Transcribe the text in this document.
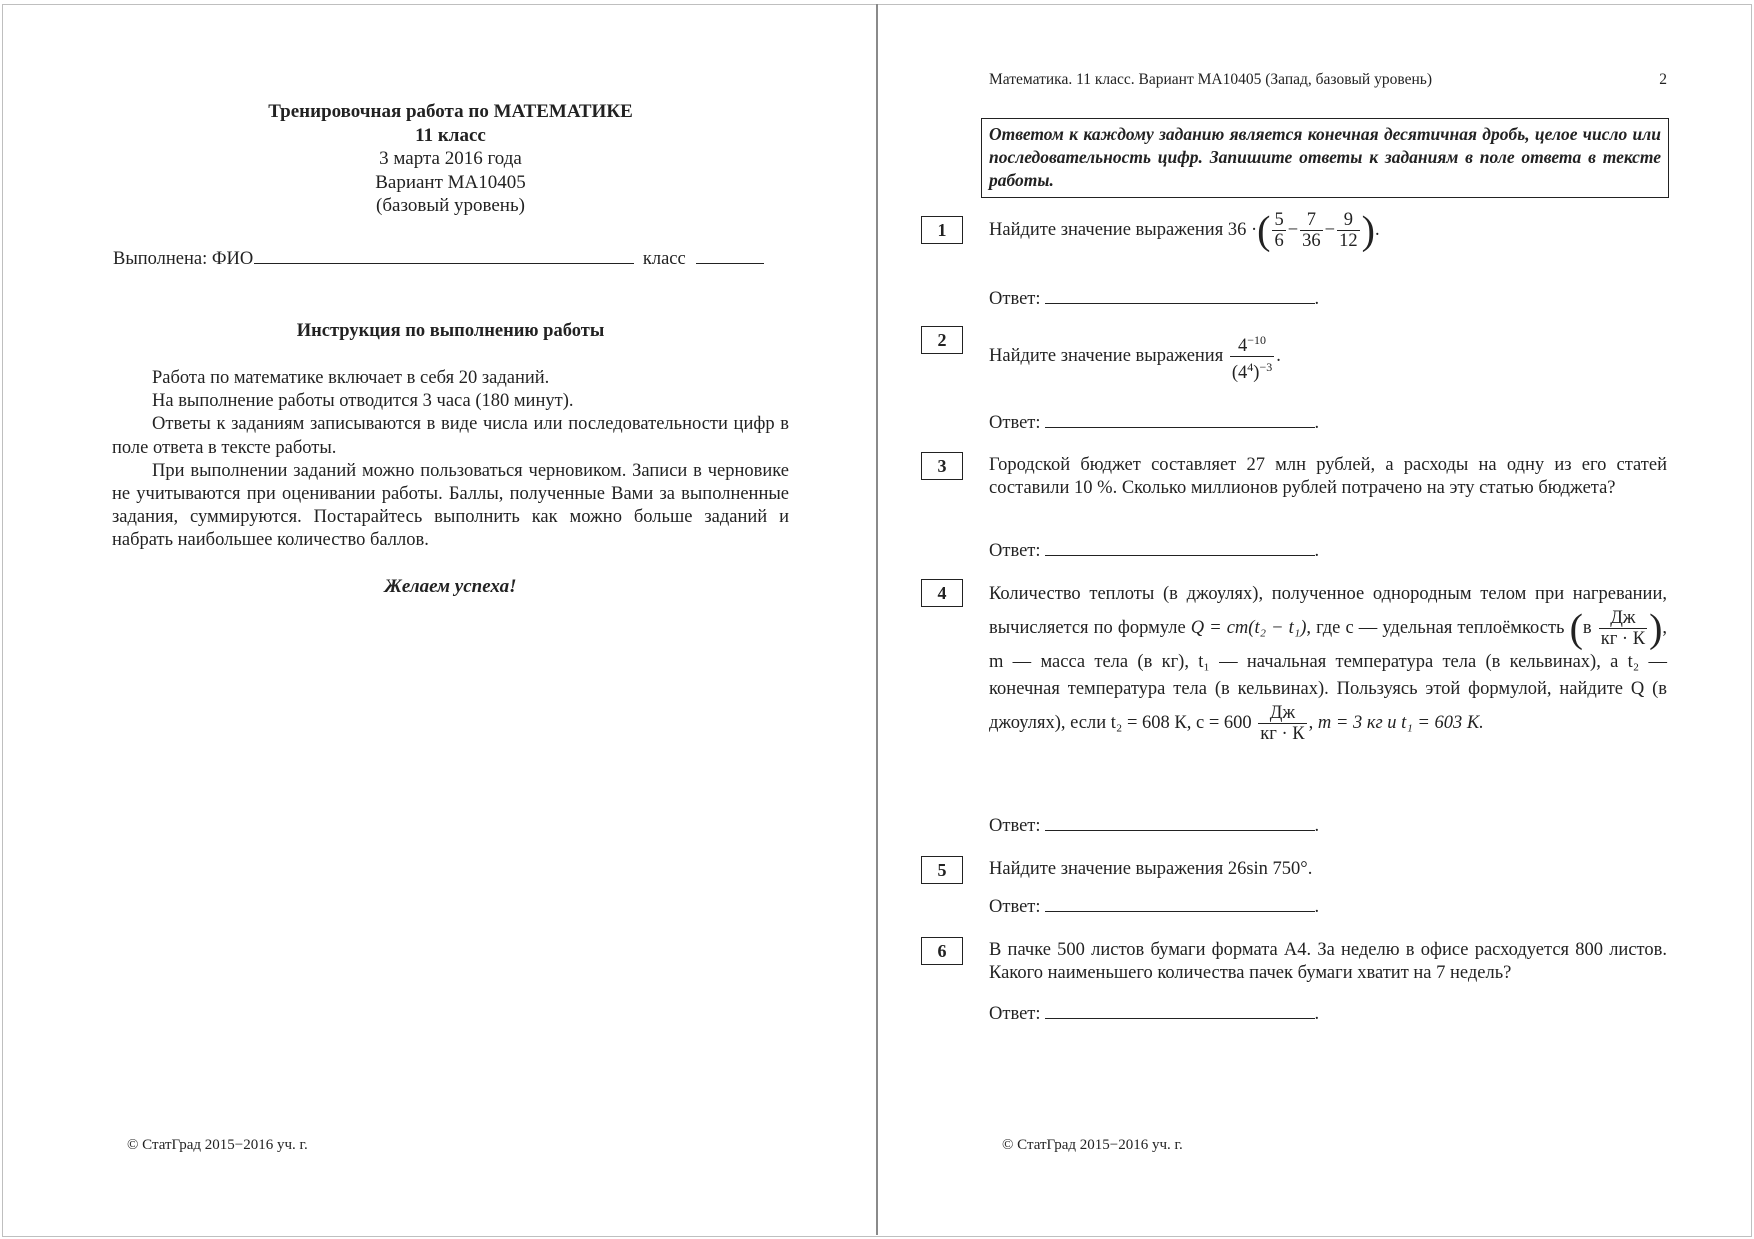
Тренировочная работа по МАТЕМАТИКЕ
11 класс
3 марта 2016 года
Вариант МА10405
(базовый уровень)
Выполнена: ФИО	класс
Инструкция по выполнению работы

Работа по математике включает в себя 20 заданий.

На выполнение работы отводится 3 часа (180 минут).

Ответы к заданиям записываются в виде числа или последовательности цифр в поле ответа в тексте работы.

При выполнении заданий можно пользоваться черновиком. Записи в черновике не учитываются при оценивании работы. Баллы, полученные Вами за выполненные задания, суммируются. Постарайтесь выполнить как можно больше заданий и набрать наибольшее количество баллов.

Желаем успеха!
© СтатГрад 2015−2016 уч. г.
Математика. 11 класс. Вариант МА10405 (Запад, базовый уровень)	2
Ответом к каждому заданию является конечная десятичная дробь, целое число или последовательность цифр. Запишите ответы к заданиям в поле ответа в тексте работы.
1	Найдите значение выражения 36 ·( $\frac{5}{6} - \frac{7}{36} - \frac{9}{12}$ ).
Ответ:	.
2
Найдите значение выражения $\frac{4^{-10}}{(4^4)^{-3}}$ .
Ответ:	.
3	Городской бюджет составляет 27 млн рублей, а расходы на одну из его статей составили 10 %. Сколько миллионов рублей потрачено на эту статью бюджета?
Ответ:	.
4	Количество теплоты (в джоулях), полученное однородным телом при нагревании, вычисляется по формуле Q = cm(t₂ − t₁), где c — удельная теплоёмкость ($в \frac{Дж}{кг \cdot К}$ ), m — масса тела (в кг), t₁ — начальная температура тела (в кельвинах), а t₂ — конечная температура тела (в кельвинах). Пользуясь этой формулой, найдите Q (в джоулях), если t₂ = 608 К, $c = 600 \frac{Дж}{кг \cdot К}$ , m = 3 кг и t₁ = 603 К.
Ответ:	.
5	Найдите значение выражения 26sin 750°.
Ответ:	.
6	В пачке 500 листов бумаги формата А4. За неделю в офисе расходуется 800 листов. Какого наименьшего количества пачек бумаги хватит на 7 недель?
Ответ:	.
© СтатГрад 2015−2016 уч. г.
